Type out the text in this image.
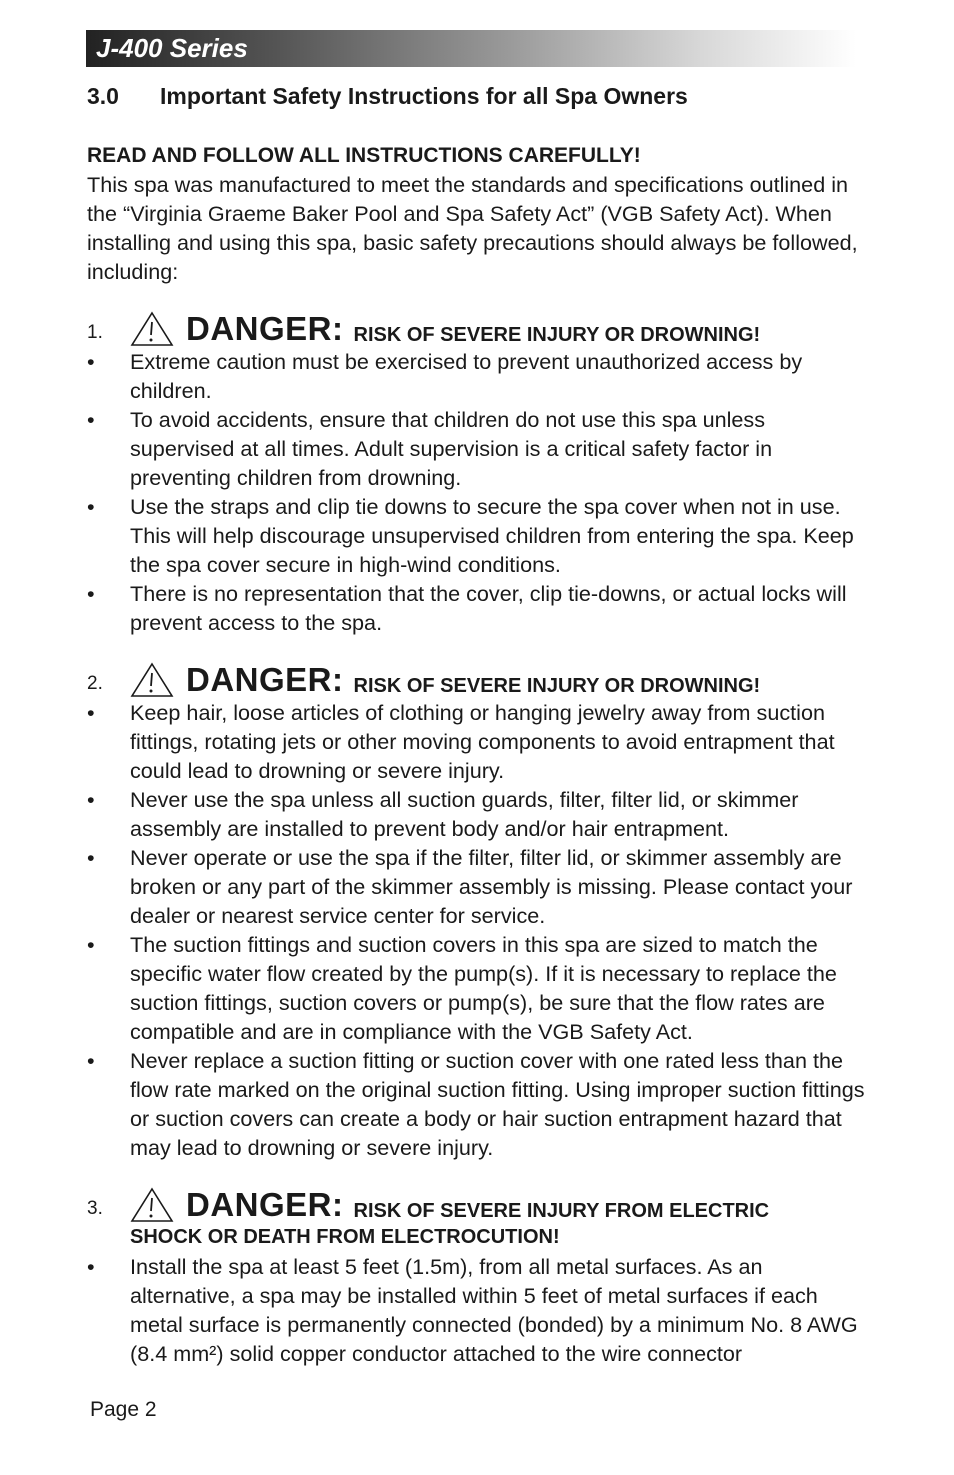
J-400 Series
3.0 Important Safety Instructions for all Spa Owners
READ AND FOLLOW ALL INSTRUCTIONS CAREFULLY!

This spa was manufactured to meet the standards and specifications outlined in the “Virginia Graeme Baker Pool and Spa Safety Act” (VGB Safety Act). When installing and using this spa, basic safety precautions should always be followed, including:

1.	DANGER: RISK OF SEVERE INJURY OR DROWNING!
• Extreme caution must be exercised to prevent unauthorized access by children.
• To avoid accidents, ensure that children do not use this spa unless supervised at all times. Adult supervision is a critical safety factor in preventing children from drowning.
• Use the straps and clip tie downs to secure the spa cover when not in use. This will help discourage unsupervised children from entering the spa. Keep the spa cover secure in high-wind conditions.
• There is no representation that the cover, clip tie-downs, or actual locks will prevent access to the spa.
2.	DANGER: RISK OF SEVERE INJURY OR DROWNING!
• Keep hair, loose articles of clothing or hanging jewelry away from suction fittings, rotating jets or other moving components to avoid entrapment that could lead to drowning or severe injury.
• Never use the spa unless all suction guards, filter, filter lid, or skimmer assembly are installed to prevent body and/or hair entrapment.
• Never operate or use the spa if the filter, filter lid, or skimmer assembly are broken or any part of the skimmer assembly is missing. Please contact your dealer or nearest service center for service.
• The suction fittings and suction covers in this spa are sized to match the specific water flow created by the pump(s). If it is necessary to replace the suction fittings, suction covers or pump(s), be sure that the flow rates are compatible and are in compliance with the VGB Safety Act.
• Never replace a suction fitting or suction cover with one rated less than the flow rate marked on the original suction fitting. Using improper suction fittings or suction covers can create a body or hair suction entrapment hazard that may lead to drowning or severe injury.
3.	DANGER: RISK OF SEVERE INJURY FROM ELECTRIC
SHOCK OR DEATH FROM ELECTROCUTION!
• Install the spa at least 5 feet (1.5m), from all metal surfaces. As an alternative, a spa may be installed within 5 feet of metal surfaces if each metal surface is permanently connected (bonded) by a minimum No. 8 AWG (8.4 mm²) solid copper conductor attached to the wire connector
Page 2
